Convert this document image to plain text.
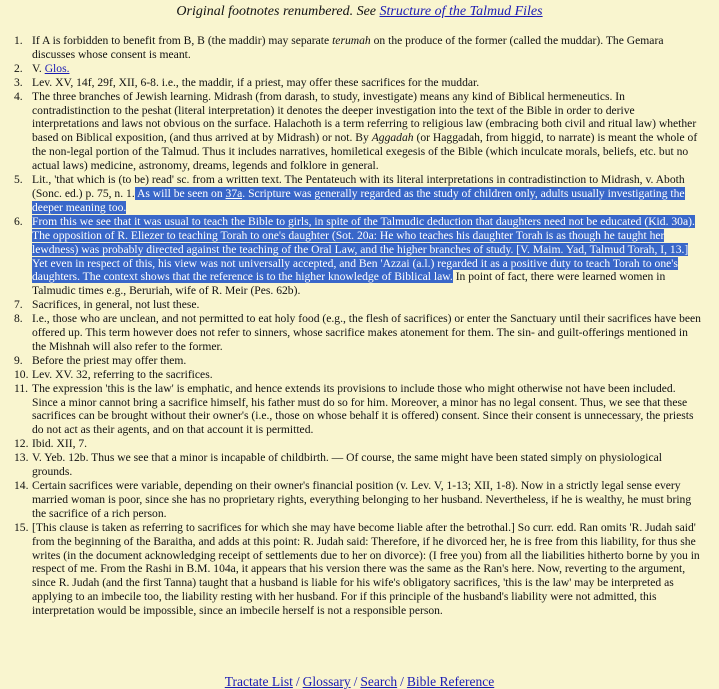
Original footnotes renumbered. See Structure of the Talmud Files
1. If A is forbidden to benefit from B, B (the maddir) may separate terumah on the produce of the former (called the muddar). The Gemara discusses whose consent is meant.
2. V. Glos.
3. Lev. XV, 14f, 29f, XII, 6-8. i.e., the maddir, if a priest, may offer these sacrifices for the muddar.
4. The three branches of Jewish learning. Midrash (from darash, to study, investigate) means any kind of Biblical hermeneutics. In contradistinction to the peshat (literal interpretation) it denotes the deeper investigation into the text of the Bible in order to derive interpretations and laws not obvious on the surface. Halachoth is a term referring to religious law (embracing both civil and ritual law) whether based on Biblical exposition, (and thus arrived at by Midrash) or not. By Aggadah (or Haggadah, from higgid, to narrate) is meant the whole of the non-legal portion of the Talmud. Thus it includes narratives, homiletical exegesis of the Bible (which inculcate morals, beliefs, etc. but no actual laws) medicine, astronomy, dreams, legends and folklore in general.
5. Lit., 'that which is (to be) read' sc. from a written text. The Pentateuch with its literal interpretations in contradistinction to Midrash, v. Aboth (Sonc. ed.) p. 75, n. 1. As will be seen on 37a. Scripture was generally regarded as the study of children only, adults usually investigating the deeper meaning too.
6. From this we see that it was usual to teach the Bible to girls, in spite of the Talmudic deduction that daughters need not be educated (Kid. 30a). The opposition of R. Eliezer to teaching Torah to one's daughter (Sot. 20a: He who teaches his daughter Torah is as though he taught her lewdness) was probably directed against the teaching of the Oral Law, and the higher branches of study. [V. Maim. Yad, Talmud Torah, I, 13.] Yet even in respect of this, his view was not universally accepted, and Ben 'Azzai (a.l.) regarded it as a positive duty to teach Torah to one's daughters. The context shows that the reference is to the higher knowledge of Biblical law. In point of fact, there were learned women in Talmudic times e.g., Beruriah, wife of R. Meir (Pes. 62b).
7. Sacrifices, in general, not lust these.
8. I.e., those who are unclean, and not permitted to eat holy food (e.g., the flesh of sacrifices) or enter the Sanctuary until their sacrifices have been offered up. This term however does not refer to sinners, whose sacrifice makes atonement for them. The sin- and guilt-offerings mentioned in the Mishnah will also refer to the former.
9. Before the priest may offer them.
10. Lev. XV. 32, referring to the sacrifices.
11. The expression 'this is the law' is emphatic, and hence extends its provisions to include those who might otherwise not have been included. Since a minor cannot bring a sacrifice himself, his father must do so for him. Moreover, a minor has no legal consent. Thus, we see that these sacrifices can be brought without their owner's (i.e., those on whose behalf it is offered) consent. Since their consent is unnecessary, the priests do not act as their agents, and on that account it is permitted.
12. Ibid. XII, 7.
13. V. Yeb. 12b. Thus we see that a minor is incapable of childbirth. — Of course, the same might have been stated simply on physiological grounds.
14. Certain sacrifices were variable, depending on their owner's financial position (v. Lev. V, 1-13; XII, 1-8). Now in a strictly legal sense every married woman is poor, since she has no proprietary rights, everything belonging to her husband. Nevertheless, if he is wealthy, he must bring the sacrifice of a rich person.
15. [This clause is taken as referring to sacrifices for which she may have become liable after the betrothal.] So curr. edd. Ran omits 'R. Judah said' from the beginning of the Baraitha, and adds at this point: R. Judah said: Therefore, if he divorced her, he is free from this liability, for thus she writes (in the document acknowledging receipt of settlements due to her on divorce): (I free you) from all the liabilities hitherto borne by you in respect of me. From the Rashi in B.M. 104a, it appears that his version there was the same as the Ran's here. Now, reverting to the argument, since R. Judah (and the first Tanna) taught that a husband is liable for his wife's obligatory sacrifices, 'this is the law' may be interpreted as applying to an imbecile too, the liability resting with her husband. For if this principle of the husband's liability were not admitted, this interpretation would be impossible, since an imbecile herself is not a responsible person.
Tractate List / Glossary / Search / Bible Reference
